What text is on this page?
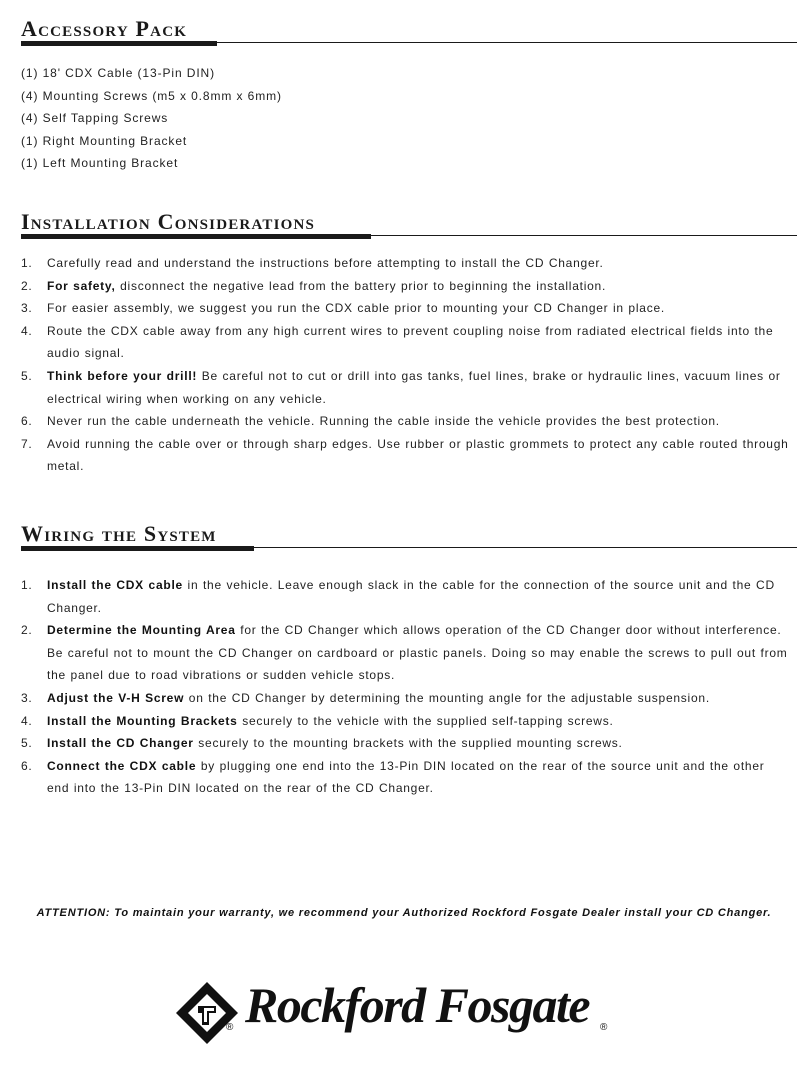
Accessory Pack
(1) 18' CDX Cable (13-Pin DIN)
(4) Mounting Screws (m5 x 0.8mm x 6mm)
(4) Self Tapping Screws
(1) Right Mounting Bracket
(1) Left Mounting Bracket
Installation Considerations
1. Carefully read and understand the instructions before attempting to install the CD Changer.
2. For safety, disconnect the negative lead from the battery prior to beginning the installation.
3. For easier assembly, we suggest you run the CDX cable prior to mounting your CD Changer in place.
4. Route the CDX cable away from any high current wires to prevent coupling noise from radiated electrical fields into the audio signal.
5. Think before your drill! Be careful not to cut or drill into gas tanks, fuel lines, brake or hydraulic lines, vacuum lines or electrical wiring when working on any vehicle.
6. Never run the cable underneath the vehicle. Running the cable inside the vehicle provides the best protection.
7. Avoid running the cable over or through sharp edges. Use rubber or plastic grommets to protect any cable routed through metal.
Wiring the System
1. Install the CDX cable in the vehicle. Leave enough slack in the cable for the connection of the source unit and the CD Changer.
2. Determine the Mounting Area for the CD Changer which allows operation of the CD Changer door without interference. Be careful not to mount the CD Changer on cardboard or plastic panels. Doing so may enable the screws to pull out from the panel due to road vibrations or sudden vehicle stops.
3. Adjust the V-H Screw on the CD Changer by determining the mounting angle for the adjustable suspension.
4. Install the Mounting Brackets securely to the vehicle with the supplied self-tapping screws.
5. Install the CD Changer securely to the mounting brackets with the supplied mounting screws.
6. Connect the CDX cable by plugging one end into the 13-Pin DIN located on the rear of the source unit and the other end into the 13-Pin DIN located on the rear of the CD Changer.
ATTENTION: To maintain your warranty, we recommend your Authorized Rockford Fosgate Dealer install your CD Changer.
® Rockford Fosgate ®
